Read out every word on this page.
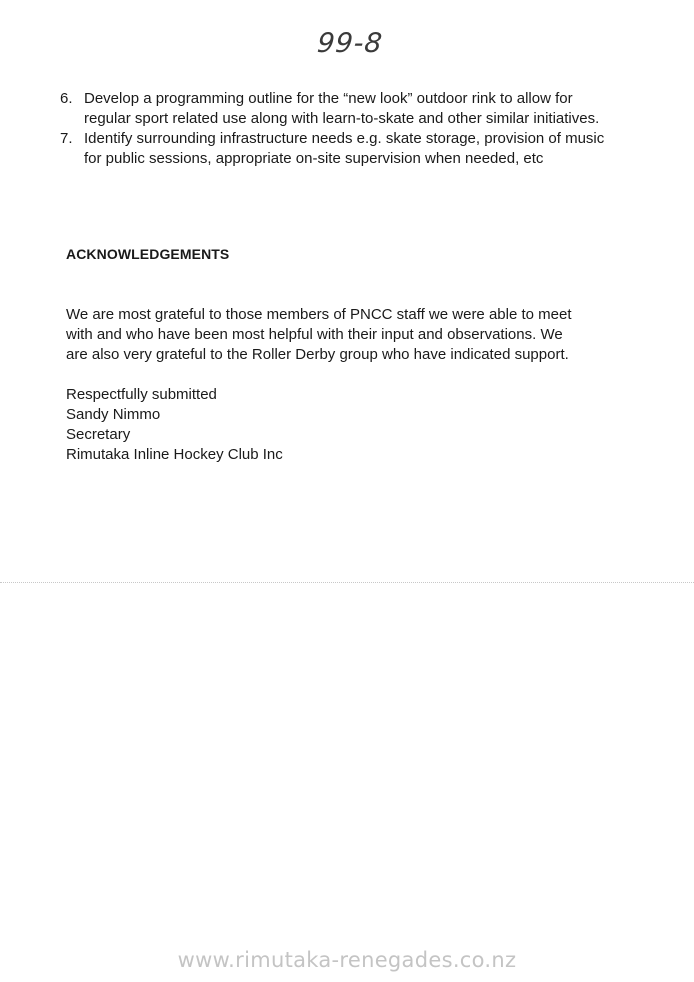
99-8
6. Develop a programming outline for the “new look” outdoor rink to allow for regular sport related use along with learn-to-skate and other similar initiatives.
7. Identify surrounding infrastructure needs e.g. skate storage, provision of music for public sessions, appropriate on-site supervision when needed, etc
ACKNOWLEDGEMENTS

We are most grateful to those members of PNCC staff we were able to meet with and who have been most helpful with their input and observations. We are also very grateful to the Roller Derby group who have indicated support.

Respectfully submitted
Sandy Nimmo
Secretary
Rimutaka Inline Hockey Club Inc
www.rimutaka-renegades.co.nz
